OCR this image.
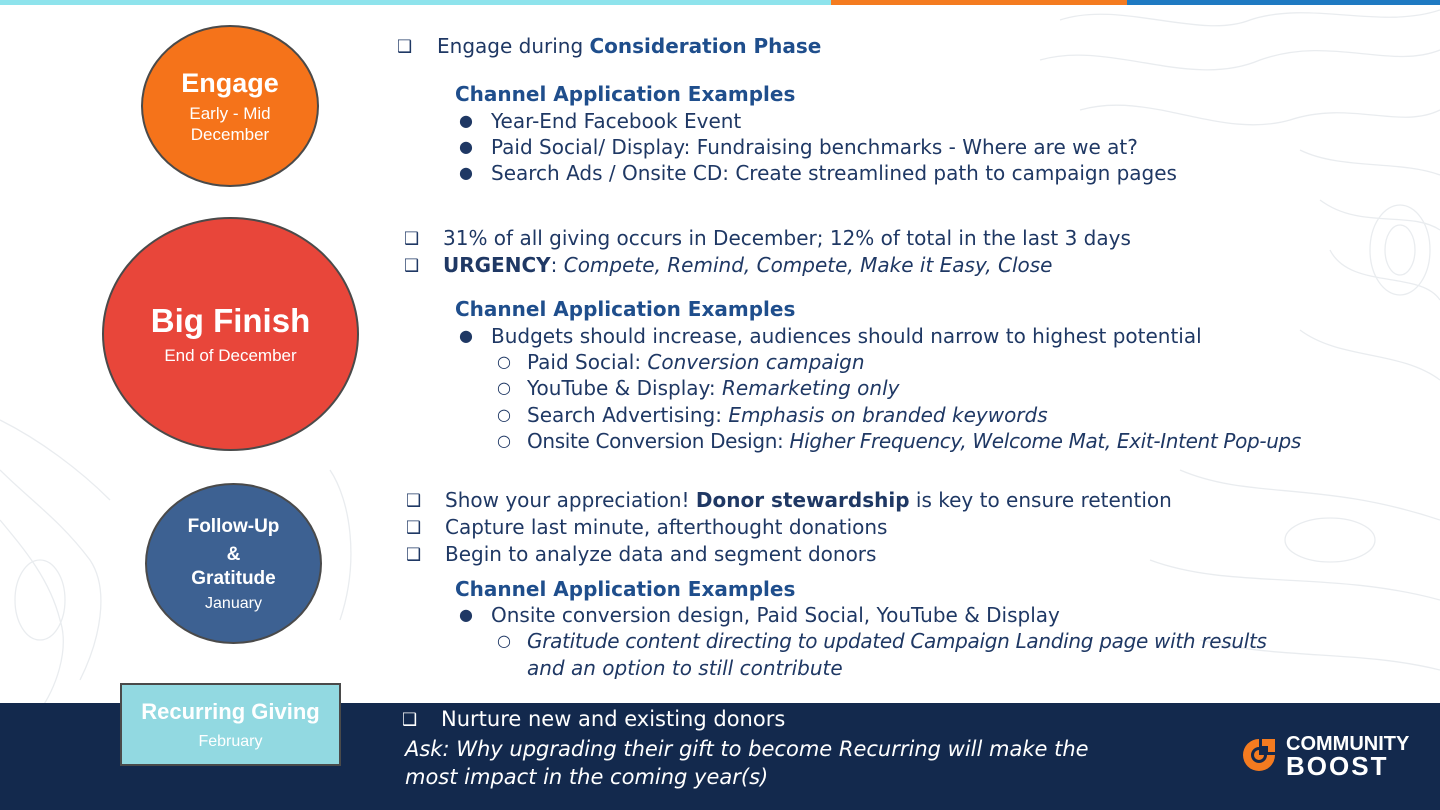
Engage
Early - Mid
December
Big Finish
End of December
Follow-Up
&
Gratitude
January
❑ Engage during Consideration Phase
Channel Application Examples
● Year-End Facebook Event
● Paid Social/ Display: Fundraising benchmarks - Where are we at?
● Search Ads / Onsite CD: Create streamlined path to campaign pages
❑ 31% of all giving occurs in December; 12% of total in the last 3 days
❑ URGENCY: Compete, Remind, Compete, Make it Easy, Close
Channel Application Examples
● Budgets should increase, audiences should narrow to highest potential
○ Paid Social: Conversion campaign
○ YouTube & Display: Remarketing only
○ Search Advertising: Emphasis on branded keywords
○ Onsite Conversion Design: Higher Frequency, Welcome Mat, Exit-Intent Pop-ups
❑ Show your appreciation! Donor stewardship is key to ensure retention
❑ Capture last minute, afterthought donations
❑ Begin to analyze data and segment donors
Channel Application Examples
● Onsite conversion design, Paid Social, YouTube & Display
○ Gratitude content directing to updated Campaign Landing page with results
and an option to still contribute
Recurring Giving
February
❑ Nurture new and existing donors
Ask: Why upgrading their gift to become Recurring will make the
most impact in the coming year(s)
COMMUNITY
BOOST
